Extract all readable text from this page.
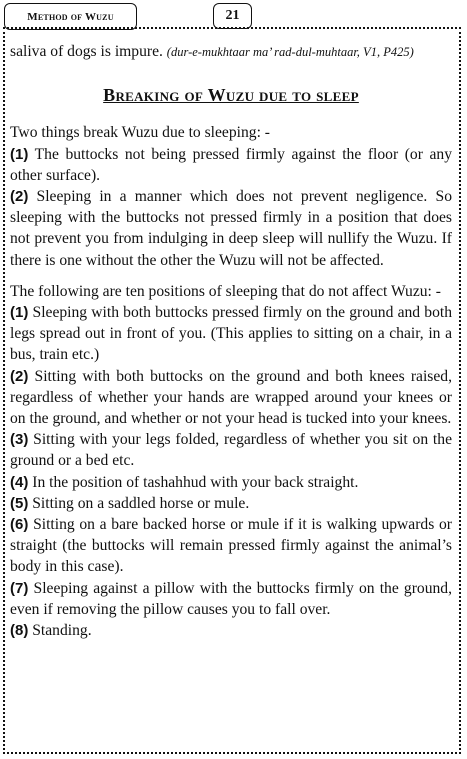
Method of Wuzu	21

saliva of dogs is impure. (dur-e-mukhtaar ma’ rad-dul-muhtaar, V1, P425)

Breaking of Wuzu due to sleep

Two things break Wuzu due to sleeping: -

(1) The buttocks not being pressed firmly against the floor (or any other surface).

(2) Sleeping in a manner which does not prevent negligence. So sleeping with the buttocks not pressed firmly in a position that does not prevent you from indulging in deep sleep will nullify the Wuzu. If there is one without the other the Wuzu will not be affected.

The following are ten positions of sleeping that do not affect Wuzu: -

(1) Sleeping with both buttocks pressed firmly on the ground and both legs spread out in front of you. (This applies to sitting on a chair, in a bus, train etc.)

(2) Sitting with both buttocks on the ground and both knees raised, regardless of whether your hands are wrapped around your knees or on the ground, and whether or not your head is tucked into your knees.

(3) Sitting with your legs folded, regardless of whether you sit on the ground or a bed etc.

(4) In the position of tashahhud with your back straight.

(5) Sitting on a saddled horse or mule.

(6) Sitting on a bare backed horse or mule if it is walking upwards or straight (the buttocks will remain pressed firmly against the animal’s body in this case).

(7) Sleeping against a pillow with the buttocks firmly on the ground, even if removing the pillow causes you to fall over.

(8) Standing.
